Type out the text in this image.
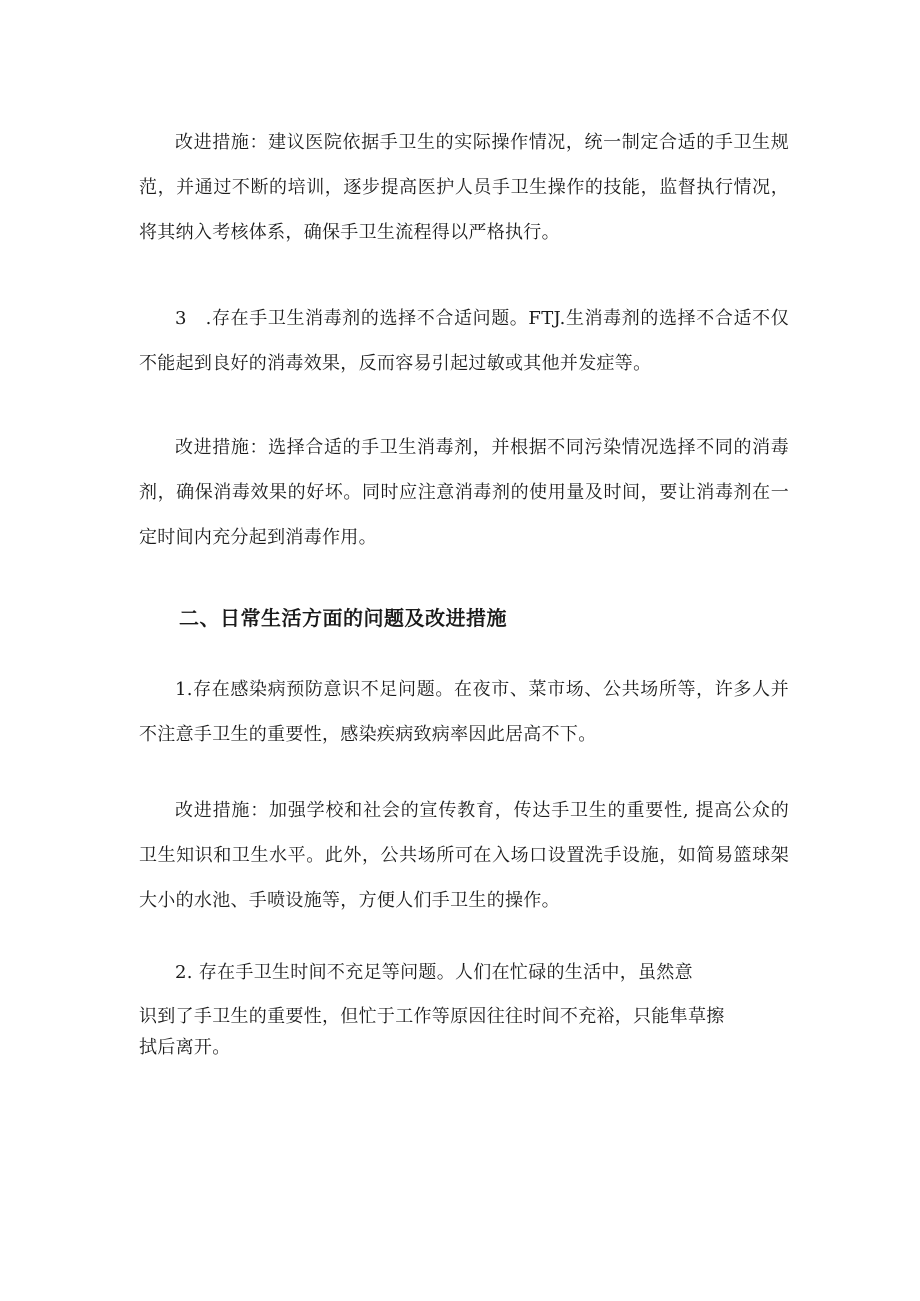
改进措施：建议医院依据手卫生的实际操作情况，统一制定合适的手卫生规范，并通过不断的培训，逐步提高医护人员手卫生操作的技能，监督执行情况，将其纳入考核体系，确保手卫生流程得以严格执行。

3　.存在手卫生消毒剂的选择不合适问题。FTJ.生消毒剂的选择不合适不仅不能起到良好的消毒效果，反而容易引起过敏或其他并发症等。

改进措施：选择合适的手卫生消毒剂，并根据不同污染情况选择不同的消毒剂，确保消毒效果的好坏。同时应注意消毒剂的使用量及时间，要让消毒剂在一定时间内充分起到消毒作用。

二、日常生活方面的问题及改进措施

1.存在感染病预防意识不足问题。在夜市、菜市场、公共场所等，许多人并不注意手卫生的重要性，感染疾病致病率因此居高不下。

改进措施：加强学校和社会的宣传教育，传达手卫生的重要性, 提高公众的卫生知识和卫生水平。此外，公共场所可在入场口设置洗手设施，如简易篮球架大小的水池、手喷设施等，方便人们手卫生的操作。

2. 存在手卫生时间不充足等问题。人们在忙碌的生活中，虽然意

识到了手卫生的重要性，但忙于工作等原因往往时间不充裕，只能隼草擦

拭后离开。
